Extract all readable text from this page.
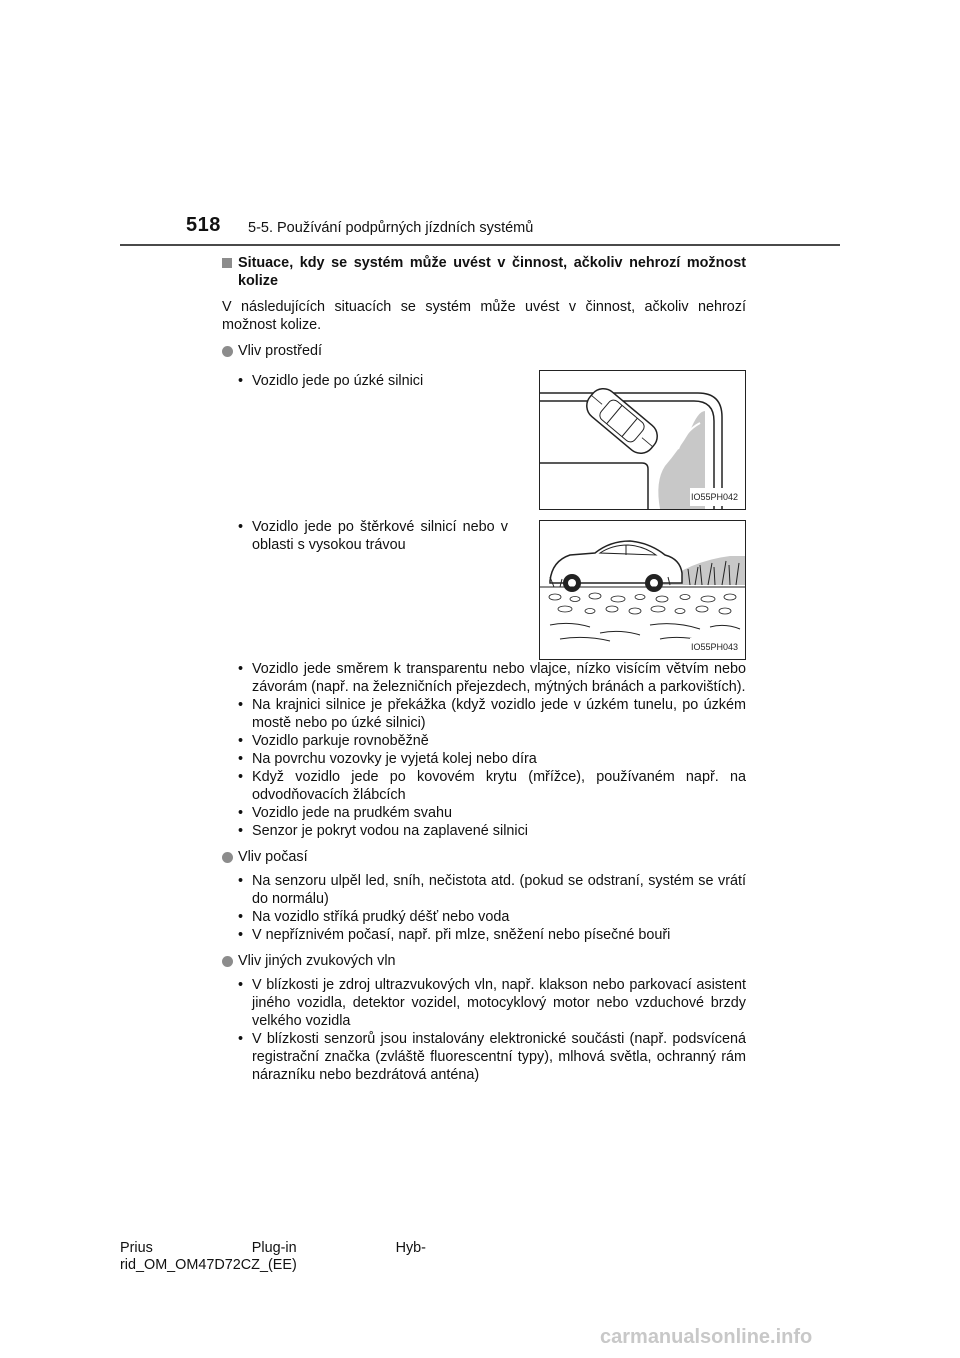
518 5-5. Používání podpůrných jízdních systémů
Situace, kdy se systém může uvést v činnost, ačkoliv nehrozí možnost kolize
V následujících situacích se systém může uvést v činnost, ačkoliv nehrozí možnost kolize.
Vliv prostředí
• Vozidlo jede po úzké silnici
IO55PH042
• Vozidlo jede po štěrkové silnicí nebo v oblasti s vysokou trávou
IO55PH043
• Vozidlo jede směrem k transparentu nebo vlajce, nízko visícím větvím nebo závorám (např. na železničních přejezdech, mýtných bránách a parkovištích).
• Na krajnici silnice je překážka (když vozidlo jede v úzkém tunelu, po úzkém mostě nebo po úzké silnici)
• Vozidlo parkuje rovnoběžně
• Na povrchu vozovky je vyjetá kolej nebo díra
• Když vozidlo jede po kovovém krytu (mřížce), používaném např. na odvodňovacích žlábcích
• Vozidlo jede na prudkém svahu
• Senzor je pokryt vodou na zaplavené silnici
Vliv počasí
• Na senzoru ulpěl led, sníh, nečistota atd. (pokud se odstraní, systém se vrátí do normálu)
• Na vozidlo stříká prudký déšť nebo voda
• V nepříznivém počasí, např. při mlze, sněžení nebo písečné bouři
Vliv jiných zvukových vln
• V blízkosti je zdroj ultrazvukových vln, např. klakson nebo parkovací asistent jiného vozidla, detektor vozidel, motocyklový motor nebo vzduchové brzdy velkého vozidla
• V blízkosti senzorů jsou instalovány elektronické součásti (např. podsvícená registrační značka (zvláště fluorescentní typy), mlhová světla, ochranný rám nárazníku nebo bezdrátová anténa)
Prius	Plug-in	Hyb-
rid_OM_OM47D72CZ_(EE)
carmanualsonline.info
